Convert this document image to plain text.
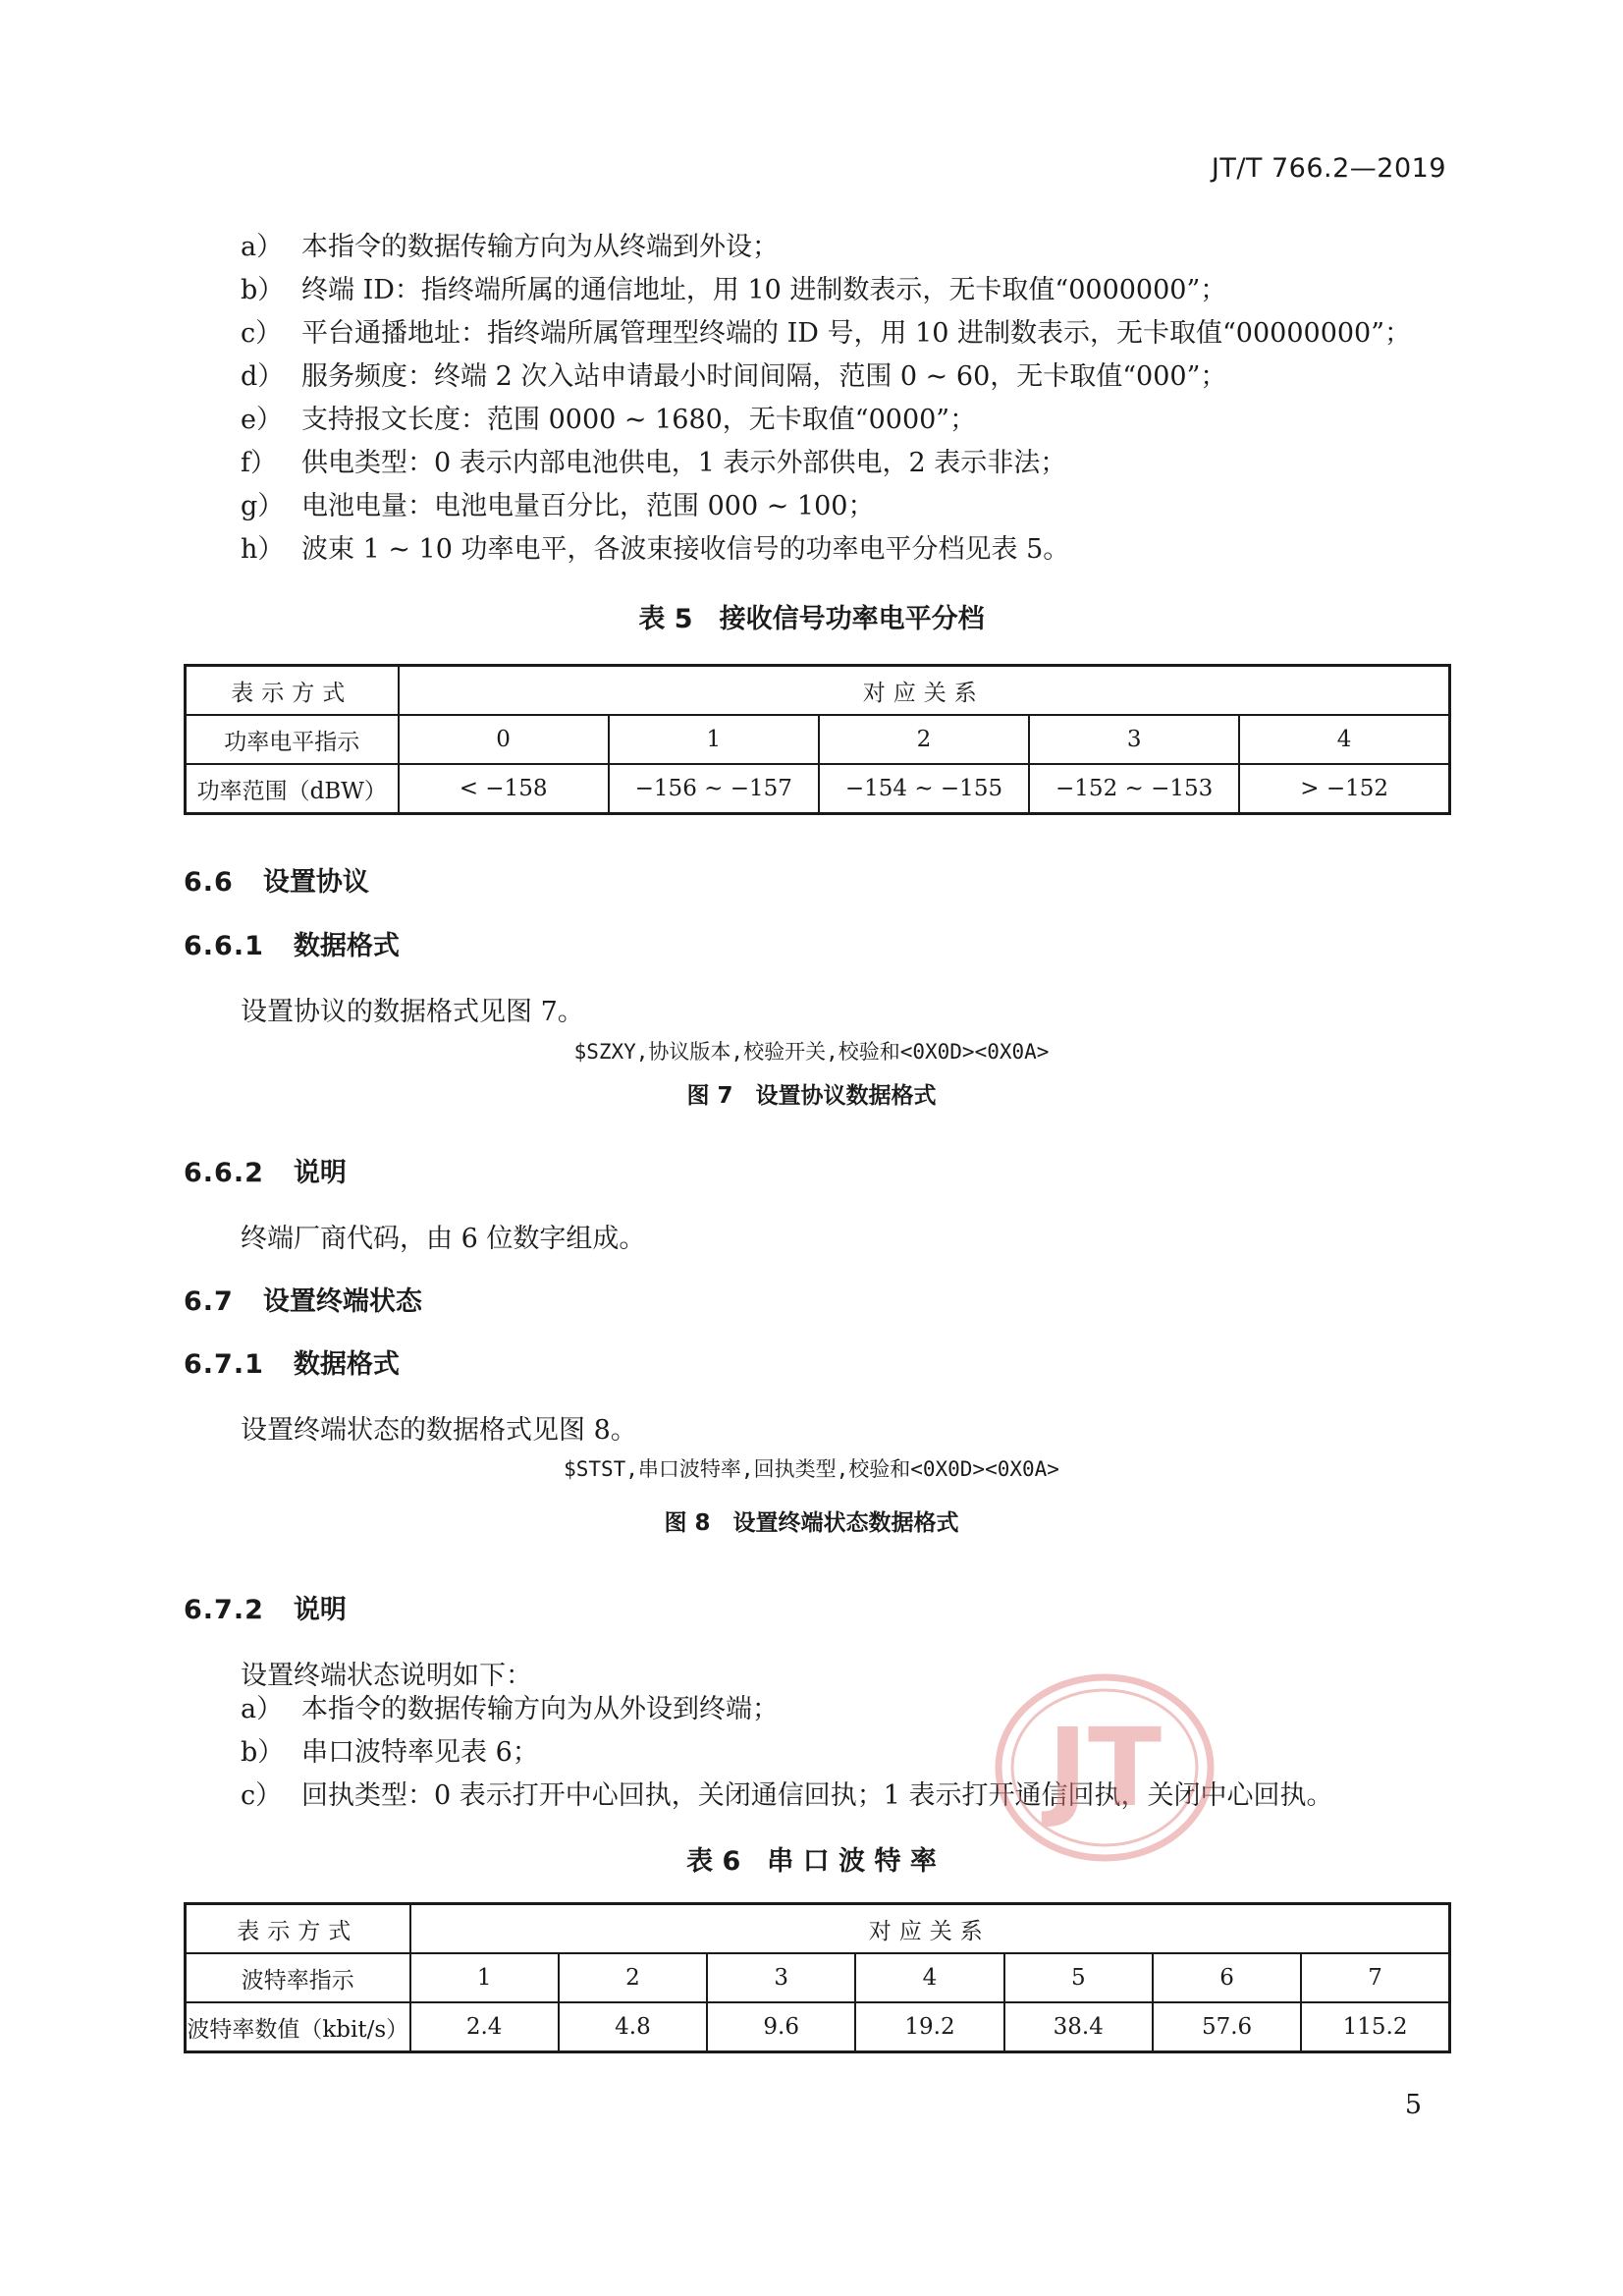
JT/T 766.2—2019
a） 本指令的数据传输方向为从终端到外设；
b） 终端 ID：指终端所属的通信地址，用 10 进制数表示，无卡取值“0000000”；
c） 平台通播地址：指终端所属管理型终端的 ID 号，用 10 进制数表示，无卡取值“00000000”；
d） 服务频度：终端 2 次入站申请最小时间间隔，范围 0 ~ 60，无卡取值“000”；
e） 支持报文长度：范围 0000 ~ 1680，无卡取值“0000”；
f） 供电类型：0 表示内部电池供电，1 表示外部供电，2 表示非法；
g） 电池电量：电池电量百分比，范围 000 ~ 100；
h） 波束 1 ~ 10 功率电平，各波束接收信号的功率电平分档见表 5。
表 5　接收信号功率电平分档
表示方式	对应关系				
功率电平指示	0	1	2	3	4
功率范围（dBW）	< −158	−156 ~ −157	−154 ~ −155	−152 ~ −153	> −152
6.6 设置协议
6.6.1 数据格式
设置协议的数据格式见图 7。
$SZXY,协议版本,校验开关,校验和<0X0D><0X0A>
图 7　设置协议数据格式
6.6.2 说明
终端厂商代码，由 6 位数字组成。
6.7 设置终端状态
6.7.1 数据格式
设置终端状态的数据格式见图 8。
$STST,串口波特率,回执类型,校验和<0X0D><0X0A>
图 8　设置终端状态数据格式
6.7.2 说明
设置终端状态说明如下：
a） 本指令的数据传输方向为从外设到终端；
b） 串口波特率见表 6；
c） 回执类型：0 表示打开中心回执，关闭通信回执；1 表示打开通信回执，关闭中心回执。
JT
表 6　串 口 波 特 率
表示方式	对应关系						
波特率指示	1	2	3	4	5	6	7
波特率数值（kbit/s）	2.4	4.8	9.6	19.2	38.4	57.6	115.2
5
